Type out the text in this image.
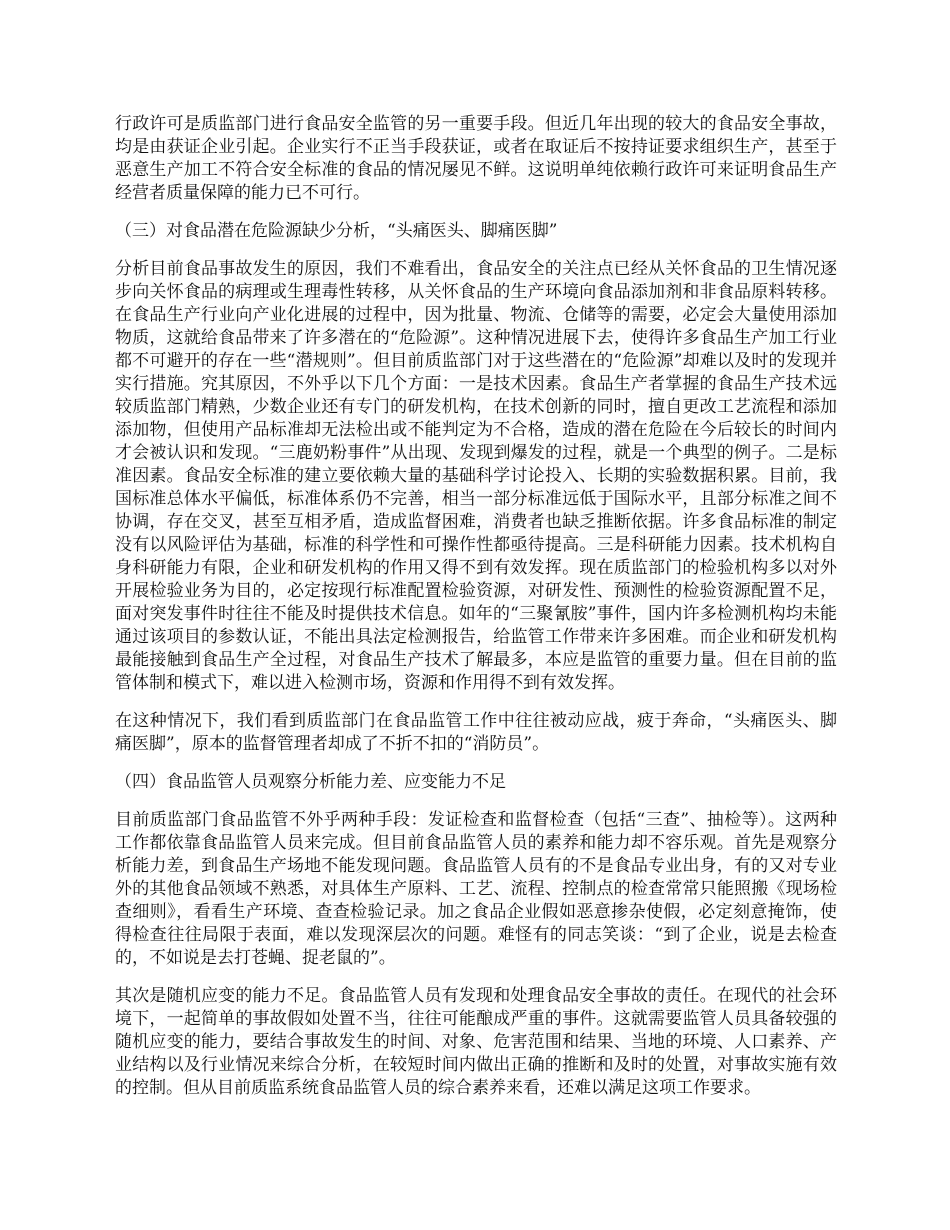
行政许可是质监部门进行食品安全监管的另一重要手段。但近几年出现的较大的食品安全事故，均是由获证企业引起。企业实行不正当手段获证，或者在取证后不按持证要求组织生产，甚至于恶意生产加工不符合安全标准的食品的情况屡见不鲜。这说明单纯依赖行政许可来证明食品生产经营者质量保障的能力已不可行。

（三）对食品潜在危险源缺少分析，“头痛医头、脚痛医脚”

分析目前食品事故发生的原因，我们不难看出，食品安全的关注点已经从关怀食品的卫生情况逐步向关怀食品的病理或生理毒性转移，从关怀食品的生产环境向食品添加剂和非食品原料转移。在食品生产行业向产业化进展的过程中，因为批量、物流、仓储等的需要，必定会大量使用添加物质，这就给食品带来了许多潜在的“危险源”。这种情况进展下去，使得许多食品生产加工行业都不可避开的存在一些“潜规则”。但目前质监部门对于这些潜在的“危险源”却难以及时的发现并实行措施。究其原因，不外乎以下几个方面：一是技术因素。食品生产者掌握的食品生产技术远较质监部门精熟，少数企业还有专门的研发机构，在技术创新的同时，擅自更改工艺流程和添加添加物，但使用产品标准却无法检出或不能判定为不合格，造成的潜在危险在今后较长的时间内才会被认识和发现。“三鹿奶粉事件”从出现、发现到爆发的过程，就是一个典型的例子。二是标准因素。食品安全标准的建立要依赖大量的基础科学讨论投入、长期的实验数据积累。目前，我国标准总体水平偏低，标准体系仍不完善，相当一部分标准远低于国际水平，且部分标准之间不协调，存在交叉，甚至互相矛盾，造成监督困难，消费者也缺乏推断依据。许多食品标准的制定没有以风险评估为基础，标准的科学性和可操作性都亟待提高。三是科研能力因素。技术机构自身科研能力有限，企业和研发机构的作用又得不到有效发挥。现在质监部门的检验机构多以对外开展检验业务为目的，必定按现行标准配置检验资源，对研发性、预测性的检验资源配置不足，面对突发事件时往往不能及时提供技术信息。如年的“三聚氰胺”事件，国内许多检测机构均未能通过该项目的参数认证，不能出具法定检测报告，给监管工作带来许多困难。而企业和研发机构最能接触到食品生产全过程，对食品生产技术了解最多，本应是监管的重要力量。但在目前的监管体制和模式下，难以进入检测市场，资源和作用得不到有效发挥。

在这种情况下，我们看到质监部门在食品监管工作中往往被动应战，疲于奔命，“头痛医头、脚痛医脚”，原本的监督管理者却成了不折不扣的“消防员”。

（四）食品监管人员观察分析能力差、应变能力不足

目前质监部门食品监管不外乎两种手段：发证检查和监督检查（包括“三查”、抽检等）。这两种工作都依靠食品监管人员来完成。但目前食品监管人员的素养和能力却不容乐观。首先是观察分析能力差，到食品生产场地不能发现问题。食品监管人员有的不是食品专业出身，有的又对专业外的其他食品领域不熟悉，对具体生产原料、工艺、流程、控制点的检查常常只能照搬《现场检查细则》，看看生产环境、查查检验记录。加之食品企业假如恶意掺杂使假，必定刻意掩饰，使得检查往往局限于表面，难以发现深层次的问题。难怪有的同志笑谈：“到了企业，说是去检查的，不如说是去打苍蝇、捉老鼠的”。

其次是随机应变的能力不足。食品监管人员有发现和处理食品安全事故的责任。在现代的社会环境下，一起简单的事故假如处置不当，往往可能酿成严重的事件。这就需要监管人员具备较强的随机应变的能力，要结合事故发生的时间、对象、危害范围和结果、当地的环境、人口素养、产业结构以及行业情况来综合分析，在较短时间内做出正确的推断和及时的处置，对事故实施有效的控制。但从目前质监系统食品监管人员的综合素养来看，还难以满足这项工作要求。
